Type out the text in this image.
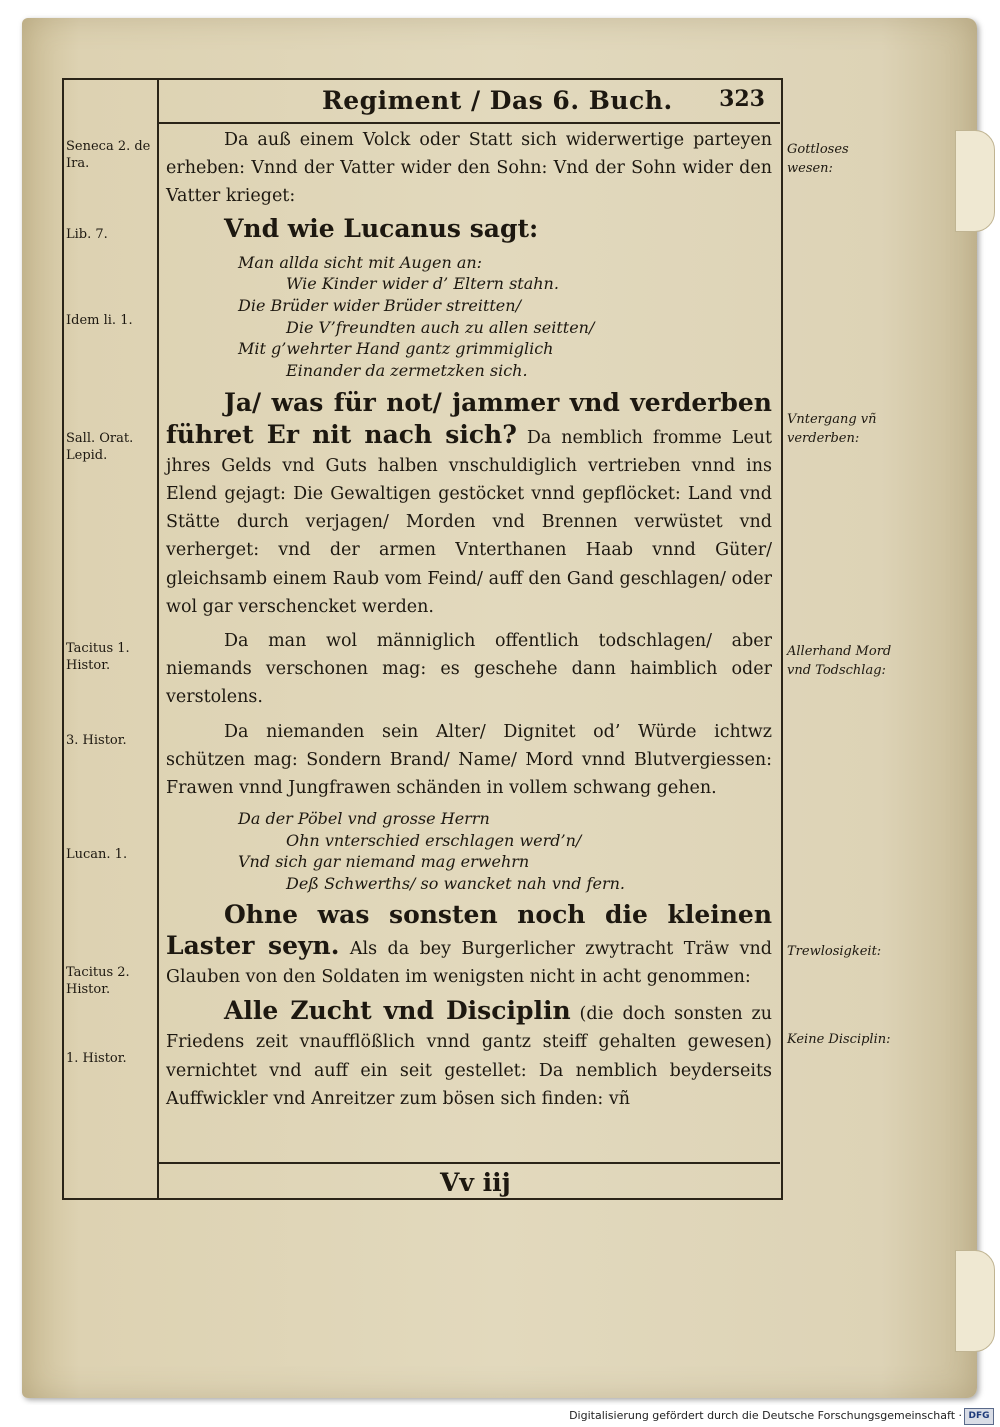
Regiment / Das 6. Buch. 323
Seneca 2. de Ira.
Lib. 7.
Idem li. 1.
Sall. Orat. Lepid.
Tacitus 1. Histor.
3. Histor.
Lucan. 1.
Tacitus 2. Histor.
1. Histor.
Gottloses wesen:
Vntergang vñ verderben:
Allerhand Mord vnd Todschlag:
Trewlosigkeit:
Keine Disciplin:

Da auß einem Volck oder Statt sich widerwertige parteyen erheben: Vnnd der Vatter wider den Sohn: Vnd der Sohn wider den Vatter krieget:

Vnd wie Lucanus sagt:

Man allda sicht mit Augen an:
Wie Kinder wider d’ Eltern stahn.
Die Brüder wider Brüder streitten/
Die V’freundten auch zu allen seitten/
Mit g’wehrter Hand gantz grimmiglich
Einander da zermetzken sich.

Ja/ was für not/ jammer vnd verderben führet Er nit nach sich? Da nemblich fromme Leut jhres Gelds vnd Guts halben vnschuldiglich vertrieben vnnd ins Elend gejagt: Die Gewaltigen gestöcket vnnd gepflöcket: Land vnd Stätte durch verjagen/ Morden vnd Brennen verwüstet vnd verherget: vnd der armen Vnterthanen Haab vnnd Güter/ gleichsamb einem Raub vom Feind/ auff den Gand geschlagen/ oder wol gar verschencket werden.

Da man wol männiglich offentlich todschlagen/ aber niemands verschonen mag: es geschehe dann haimblich oder verstolens.

Da niemanden sein Alter/ Dignitet od’ Würde ichtwz schützen mag: Sondern Brand/ Name/ Mord vnnd Blutvergiessen: Frawen vnnd Jungfrawen schänden in vollem schwang gehen.

Da der Pöbel vnd grosse Herrn
Ohn vnterschied erschlagen werd’n/
Vnd sich gar niemand mag erwehrn
Deß Schwerths/ so wancket nah vnd fern.

Ohne was sonsten noch die kleinen Laster seyn. Als da bey Burgerlicher zwytracht Träw vnd Glauben von den Soldaten im wenigsten nicht in acht genommen:

Alle Zucht vnd Disciplin (die doch sonsten zu Friedens zeit vnaufflößlich vnnd gantz steiff gehalten gewesen) vernichtet vnd auff ein seit gestellet: Da nemblich beyderseits Auffwickler vnd Anreitzer zum bösen sich finden: vñ

Vv iij
Digitalisierung gefördert durch die Deutsche Forschungsgemeinschaft · DFG
